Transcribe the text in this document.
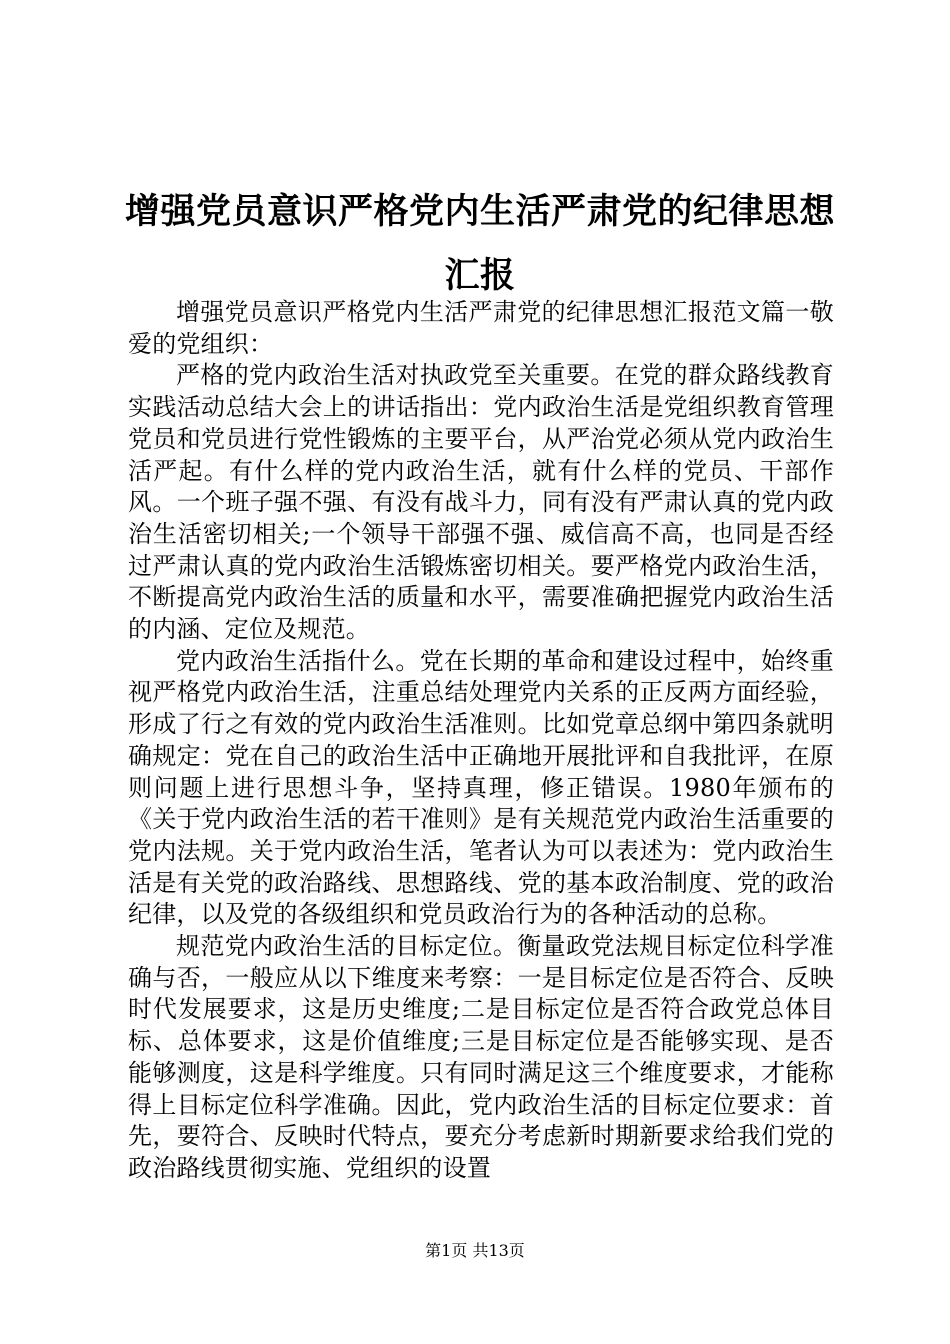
增强党员意识严格党内生活严肃党的纪律思想汇报

增强党员意识严格党内生活严肃党的纪律思想汇报范文篇一敬爱的党组织：

严格的党内政治生活对执政党至关重要。在党的群众路线教育实践活动总结大会上的讲话指出：党内政治生活是党组织教育管理党员和党员进行党性锻炼的主要平台，从严治党必须从党内政治生活严起。有什么样的党内政治生活，就有什么样的党员、干部作风。一个班子强不强、有没有战斗力，同有没有严肃认真的党内政治生活密切相关;一个领导干部强不强、威信高不高，也同是否经过严肃认真的党内政治生活锻炼密切相关。要严格党内政治生活，不断提高党内政治生活的质量和水平，需要准确把握党内政治生活的内涵、定位及规范。

党内政治生活指什么。党在长期的革命和建设过程中，始终重视严格党内政治生活，注重总结处理党内关系的正反两方面经验，形成了行之有效的党内政治生活准则。比如党章总纲中第四条就明确规定：党在自己的政治生活中正确地开展批评和自我批评，在原则问题上进行思想斗争，坚持真理，修正错误。1980年颁布的《关于党内政治生活的若干准则》是有关规范党内政治生活重要的党内法规。关于党内政治生活，笔者认为可以表述为：党内政治生活是有关党的政治路线、思想路线、党的基本政治制度、党的政治纪律，以及党的各级组织和党员政治行为的各种活动的总称。

规范党内政治生活的目标定位。衡量政党法规目标定位科学准确与否，一般应从以下维度来考察：一是目标定位是否符合、反映时代发展要求，这是历史维度;二是目标定位是否符合政党总体目标、总体要求，这是价值维度;三是目标定位是否能够实现、是否能够测度，这是科学维度。只有同时满足这三个维度要求，才能称得上目标定位科学准确。因此，党内政治生活的目标定位要求：首先，要符合、反映时代特点，要充分考虑新时期新要求给我们党的政治路线贯彻实施、党组织的设置

第1页 共13页
